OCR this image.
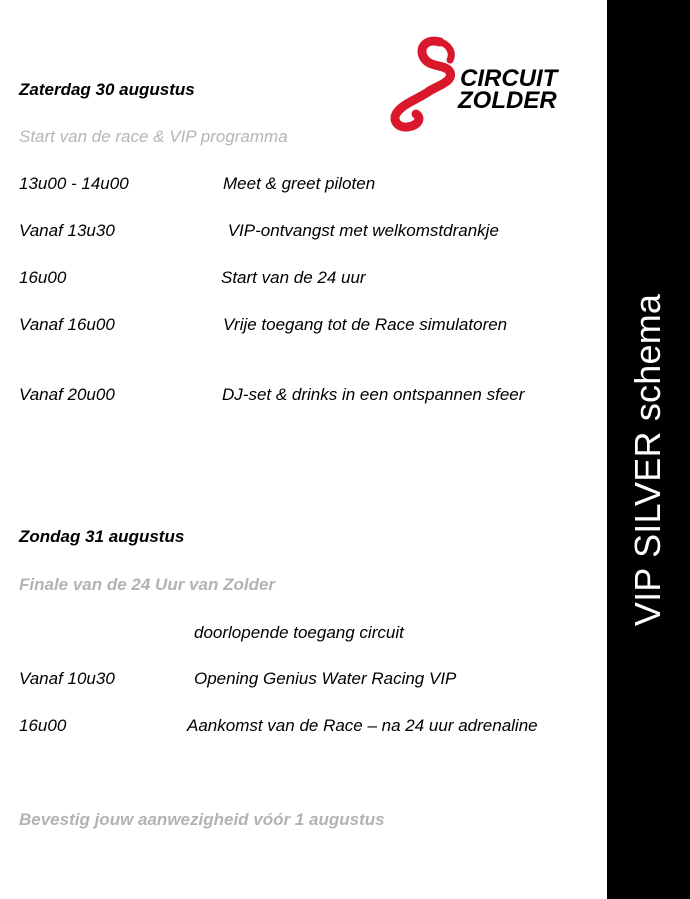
CIRCUIT
ZOLDER
Zaterdag 30 augustus
Start van de race & VIP programma
13u00 - 14u00	Meet & greet piloten
Vanaf 13u30	VIP-ontvangst met welkomstdrankje
16u00	Start van de 24 uur
Vanaf 16u00	Vrije toegang tot de Race simulatoren
Vanaf 20u00	DJ-set & drinks in een ontspannen sfeer
Zondag 31 augustus
Finale van de 24 Uur van Zolder
doorlopende toegang circuit
Vanaf 10u30	Opening Genius Water Racing VIP
16u00	Aankomst van de Race – na 24 uur adrenaline
Bevestig jouw aanwezigheid vóór 1 augustus
VIP SILVER schema
